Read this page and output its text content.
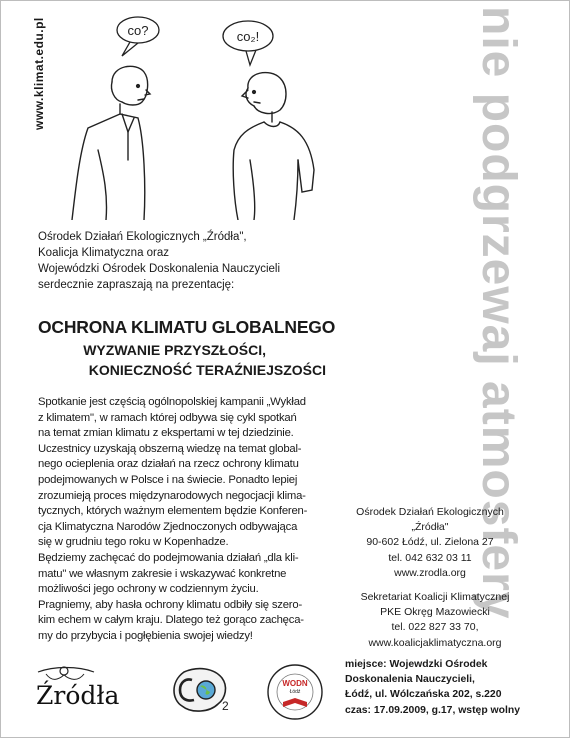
www.klimat.edu.pl	nie podgrzewaj atmosfery
co?	co₂!
Ośrodek Działań Ekologicznych „Źródła",
Koalicja Klimatyczna oraz
Wojewódzki Ośrodek Doskonalenia Nauczycieli
serdecznie zapraszają na prezentację:
OCHRONA KLIMATU GLOBALNEGO
WYZWANIE PRZYSZŁOŚCI,
KONIECZNOŚĆ TERAŹNIEJSZOŚCI
Spotkanie jest częścią ogólnopolskiej kampanii „Wykład
z klimatem", w ramach której odbywa się cykl spotkań
na temat zmian klimatu z ekspertami w tej dziedzinie.
Uczestnicy uzyskają obszerną wiedzę na temat global-
nego ocieplenia oraz działań na rzecz ochrony klimatu
podejmowanych w Polsce i na świecie. Ponadto lepiej
zrozumieją proces międzynarodowych negocjacji klima-
tycznych, których ważnym elementem będzie Konferen-
cja Klimatyczna Narodów Zjednoczonych odbywająca
się w grudniu tego roku w Kopenhadze.
Będziemy zachęcać do podejmowania działań „dla kli-
matu" we własnym zakresie i wskazywać konkretne
możliwości jego ochrony w codziennym życiu.
Pragniemy, aby hasła ochrony klimatu odbiły się szero-
kim echem w całym kraju. Dlatego też gorąco zachęca-
my do przybycia i pogłębienia swojej wiedzy!
Ośrodek Działań Ekologicznych
„Źródła"
90-602 Łódź, ul. Zielona 27
tel. 042 632 03 11
www.zrodla.org
Sekretariat Koalicji Klimatycznej
PKE Okręg Mazowiecki
tel. 022 827 33 70,
www.koalicjaklimatyczna.org
miejsce: Wojewdzki Ośrodek
Doskonalenia Nauczycieli,
Łódź, ul. Wólczańska 202, s.220
czas: 17.09.2009, g.17, wstęp wolny
Źródła	2
WODN
Łódź
